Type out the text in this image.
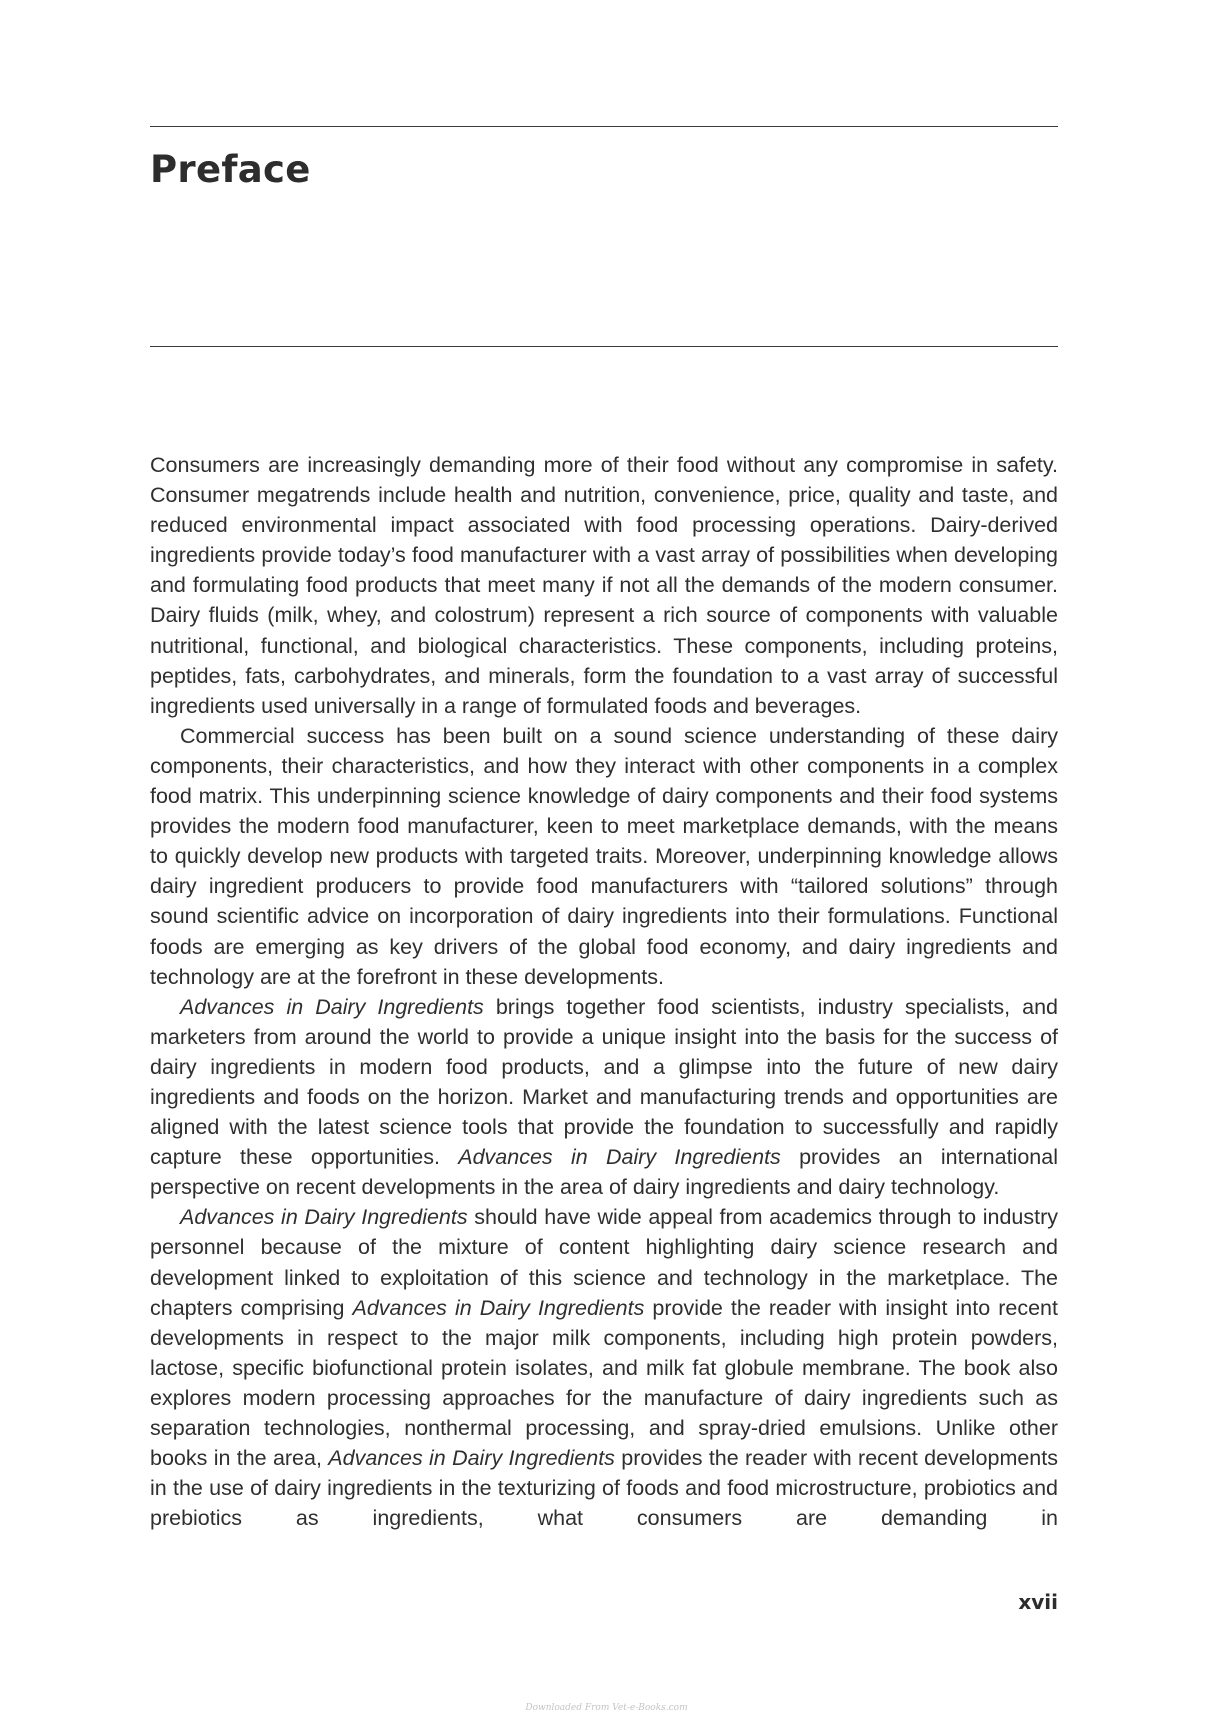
Preface

Consumers are increasingly demanding more of their food without any compromise in safety. Consumer megatrends include health and nutrition, convenience, price, quality and taste, and reduced environmental impact associated with food processing operations. Dairy-derived ingredients provide today’s food manufacturer with a vast array of possibilities when developing and formulating food products that meet many if not all the demands of the modern consumer. Dairy fluids (milk, whey, and colostrum) represent a rich source of components with valuable nutritional, functional, and biological characteristics. These components, including proteins, peptides, fats, carbohydrates, and minerals, form the foundation to a vast array of successful ingredients used universally in a range of formulated foods and beverages.

Commercial success has been built on a sound science understanding of these dairy components, their characteristics, and how they interact with other components in a complex food matrix. This underpinning science knowledge of dairy components and their food systems provides the modern food manufacturer, keen to meet marketplace demands, with the means to quickly develop new products with targeted traits. Moreover, underpinning knowledge allows dairy ingredient producers to provide food manufacturers with “tailored solutions” through sound scientific advice on incorporation of dairy ingredients into their formulations. Functional foods are emerging as key drivers of the global food economy, and dairy ingredients and technology are at the forefront in these developments.

Advances in Dairy Ingredients brings together food scientists, industry specialists, and marketers from around the world to provide a unique insight into the basis for the success of dairy ingredients in modern food products, and a glimpse into the future of new dairy ingredients and foods on the horizon. Market and manufacturing trends and opportunities are aligned with the latest science tools that provide the foundation to successfully and rapidly capture these opportunities. Advances in Dairy Ingredients provides an international perspective on recent developments in the area of dairy ingredients and dairy technology.

Advances in Dairy Ingredients should have wide appeal from academics through to industry personnel because of the mixture of content highlighting dairy science research and development linked to exploitation of this science and technology in the marketplace. The chapters comprising Advances in Dairy Ingredients provide the reader with insight into recent developments in respect to the major milk components, including high protein powders, lactose, specific biofunctional protein isolates, and milk fat globule membrane. The book also explores modern processing approaches for the manufacture of dairy ingredients such as separation technologies, nonthermal processing, and spray-dried emulsions. Unlike other books in the area, Advances in Dairy Ingredients provides the reader with recent developments in the use of dairy ingredients in the texturizing of foods and food microstructure, probiotics and prebiotics as ingredients, what consumers are demanding in

xvii
Downloaded From Vet-e-Books.com
